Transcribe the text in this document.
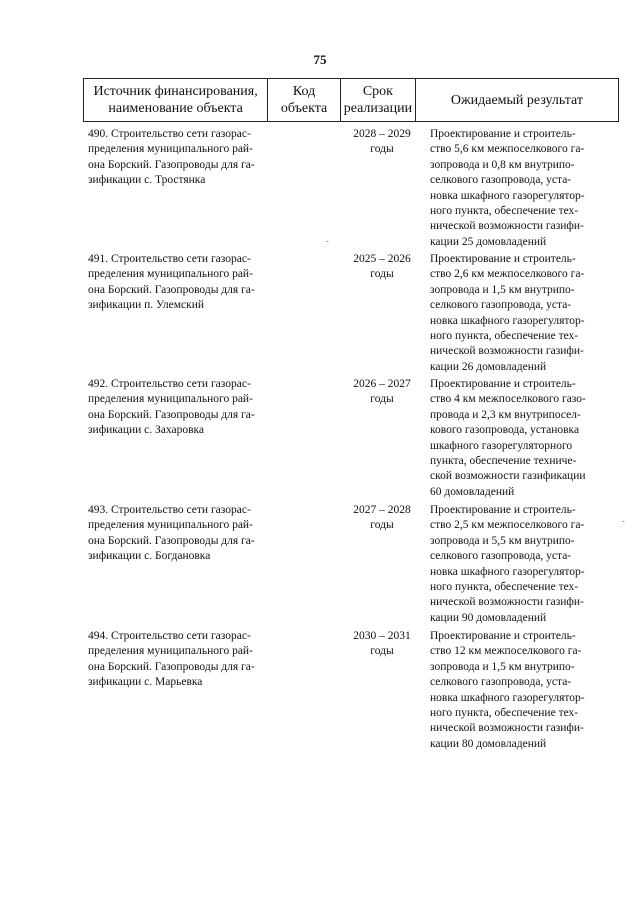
75
Источник финансирования,
наименование объекта
Код
объекта
Срок
реализации
Ожидаемый результат
490. Строительство сети газорас-
пределения муниципального рай-
она Борский. Газопроводы для га-
зификации с. Тростянка
2028 – 2029
годы
Проектирование и строитель-
ство 5,6 км межпоселкового га-
зопровода и 0,8 км внутрипо-
селкового газопровода, уста-
новка шкафного газорегулятор-
ного пункта, обеспечение тех-
нической возможности газифи-
кации 25 домовладений
491. Строительство сети газорас-
пределения муниципального рай-
она Борский. Газопроводы для га-
зификации п. Улемский
2025 – 2026
годы
Проектирование и строитель-
ство 2,6 км межпоселкового га-
зопровода и 1,5 км внутрипо-
селкового газопровода, уста-
новка шкафного газорегулятор-
ного пункта, обеспечение тех-
нической возможности газифи-
кации 26 домовладений
492. Строительство сети газорас-
пределения муниципального рай-
она Борский. Газопроводы для га-
зификации с. Захаровка
2026 – 2027
годы
Проектирование и строитель-
ство 4 км межпоселкового газо-
провода и 2,3 км внутрипосел-
кового газопровода, установка
шкафного газорегуляторного
пункта, обеспечение техниче-
ской возможности газификации
60 домовладений
493. Строительство сети газорас-
пределения муниципального рай-
она Борский. Газопроводы для га-
зификации с. Богдановка
2027 – 2028
годы
Проектирование и строитель-
ство 2,5 км межпоселкового га-
зопровода и 5,5 км внутрипо-
селкового газопровода, уста-
новка шкафного газорегулятор-
ного пункта, обеспечение тех-
нической возможности газифи-
кации 90 домовладений
494. Строительство сети газорас-
пределения муниципального рай-
она Борский. Газопроводы для га-
зификации с. Марьевка
2030 – 2031
годы
Проектирование и строитель-
ство 12 км межпоселкового га-
зопровода и 1,5 км внутрипо-
селкового газопровода, уста-
новка шкафного газорегулятор-
ного пункта, обеспечение тех-
нической возможности газифи-
кации 80 домовладений
ˎ
ˏ
